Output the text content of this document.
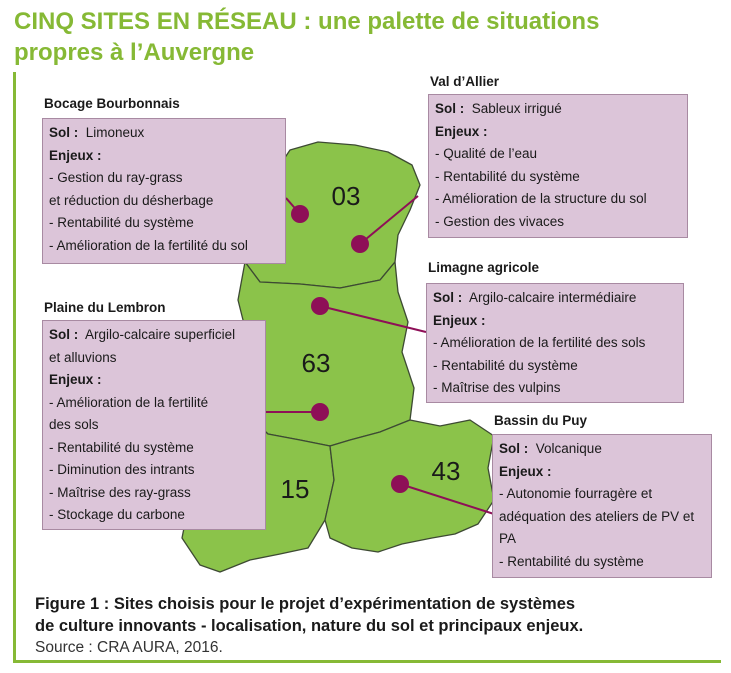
CINQ SITES EN RÉSEAU : une palette de situations
propres à l’Auvergne
03
63
15
43
Bocage Bourbonnais
Sol : Limoneux
Enjeux :
- Gestion du ray-grass
et réduction du désherbage
- Rentabilité du système
- Amélioration de la fertilité du sol
Val d’Allier
Sol : Sableux irrigué
Enjeux :
- Qualité de l’eau
- Rentabilité du système
- Amélioration de la structure du sol
- Gestion des vivaces
Limagne agricole
Sol : Argilo-calcaire intermédiaire
Enjeux :
- Amélioration de la fertilité des sols
- Rentabilité du système
- Maîtrise des vulpins
Plaine du Lembron
Sol : Argilo-calcaire superficiel
et alluvions
Enjeux :
- Amélioration de la fertilité
des sols
- Rentabilité du système
- Diminution des intrants
- Maîtrise des ray-grass
- Stockage du carbone
Bassin du Puy
Sol : Volcanique
Enjeux :
- Autonomie fourragère et adéquation des ateliers de PV et PA
- Rentabilité du système
Figure 1 : Sites choisis pour le projet d’expérimentation de systèmes
de culture innovants - localisation, nature du sol et principaux enjeux.
Source : CRA AURA, 2016.
